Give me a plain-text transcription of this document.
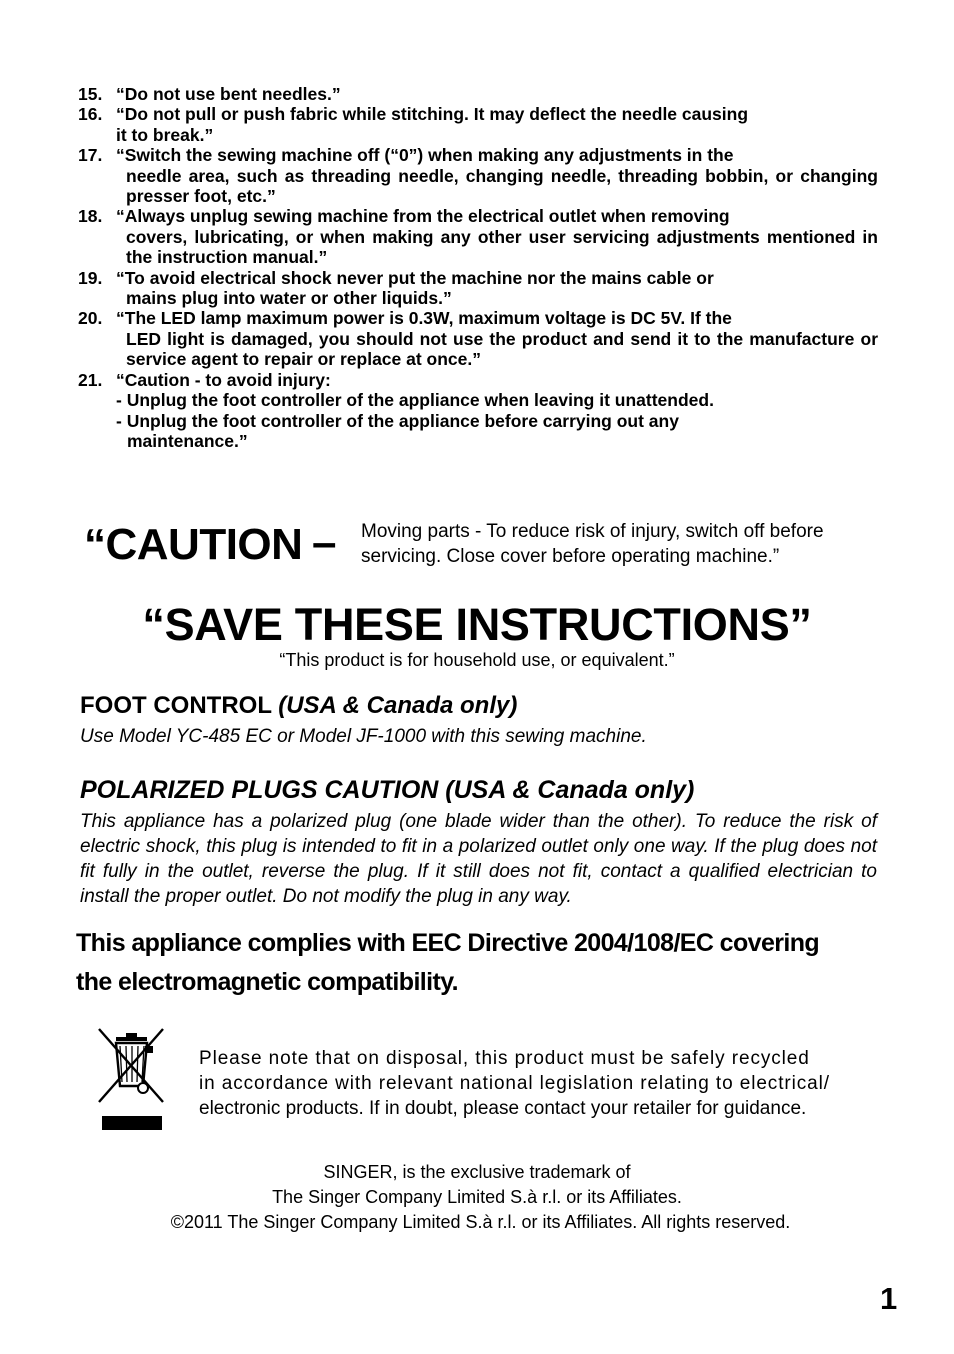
15. “Do not use bent needles.”
16. “Do not pull or push fabric while stitching. It may deflect the needle causing
it to break.”
17. “Switch the sewing machine off (“0”) when making any adjustments in the
needle area, such as threading needle, changing needle, threading bobbin, or changing presser foot, etc.”
18. “Always unplug sewing machine from the electrical outlet when removing
covers, lubricating, or when making any other user servicing adjustments mentioned in the instruction manual.”
19. “To avoid electrical shock never put the machine nor the mains cable or
mains plug into water or other liquids.”
20. “The LED lamp maximum power is 0.3W, maximum voltage is DC 5V. If the
LED light is damaged, you should not use the product and send it to the manufacture or service agent to repair or replace at once.”
21. “Caution - to avoid injury:
- Unplug the foot controller of the appliance when leaving it unattended.
- Unplug the foot controller of the appliance before carrying out any
maintenance.”
“CAUTION – Moving parts - To reduce risk of injury, switch off before servicing. Close cover before operating machine.”
“SAVE THESE INSTRUCTIONS”
“This product is for household use, or equivalent.”
FOOT CONTROL (USA & Canada only)
Use Model YC-485 EC or Model JF-1000 with this sewing machine.
POLARIZED PLUGS CAUTION (USA & Canada only)
This appliance has a polarized plug (one blade wider than the other). To reduce the risk of electric shock, this plug is intended to fit in a polarized outlet only one way. If the plug does not fit fully in the outlet, reverse the plug. If it still does not fit, contact a qualified electrician to install the proper outlet. Do not modify the plug in any way.
This appliance complies with EEC Directive 2004/108/EC covering
the electromagnetic compatibility.
Please note that on disposal, this product must be safely recycled
in accordance with relevant national legislation relating to electrical/
electronic products. If in doubt, please contact your retailer for guidance.
SINGER, is the exclusive trademark of
The Singer Company Limited S.à r.l. or its Affiliates.
©2011 The Singer Company Limited S.à r.l. or its Affiliates. All rights reserved.
1
